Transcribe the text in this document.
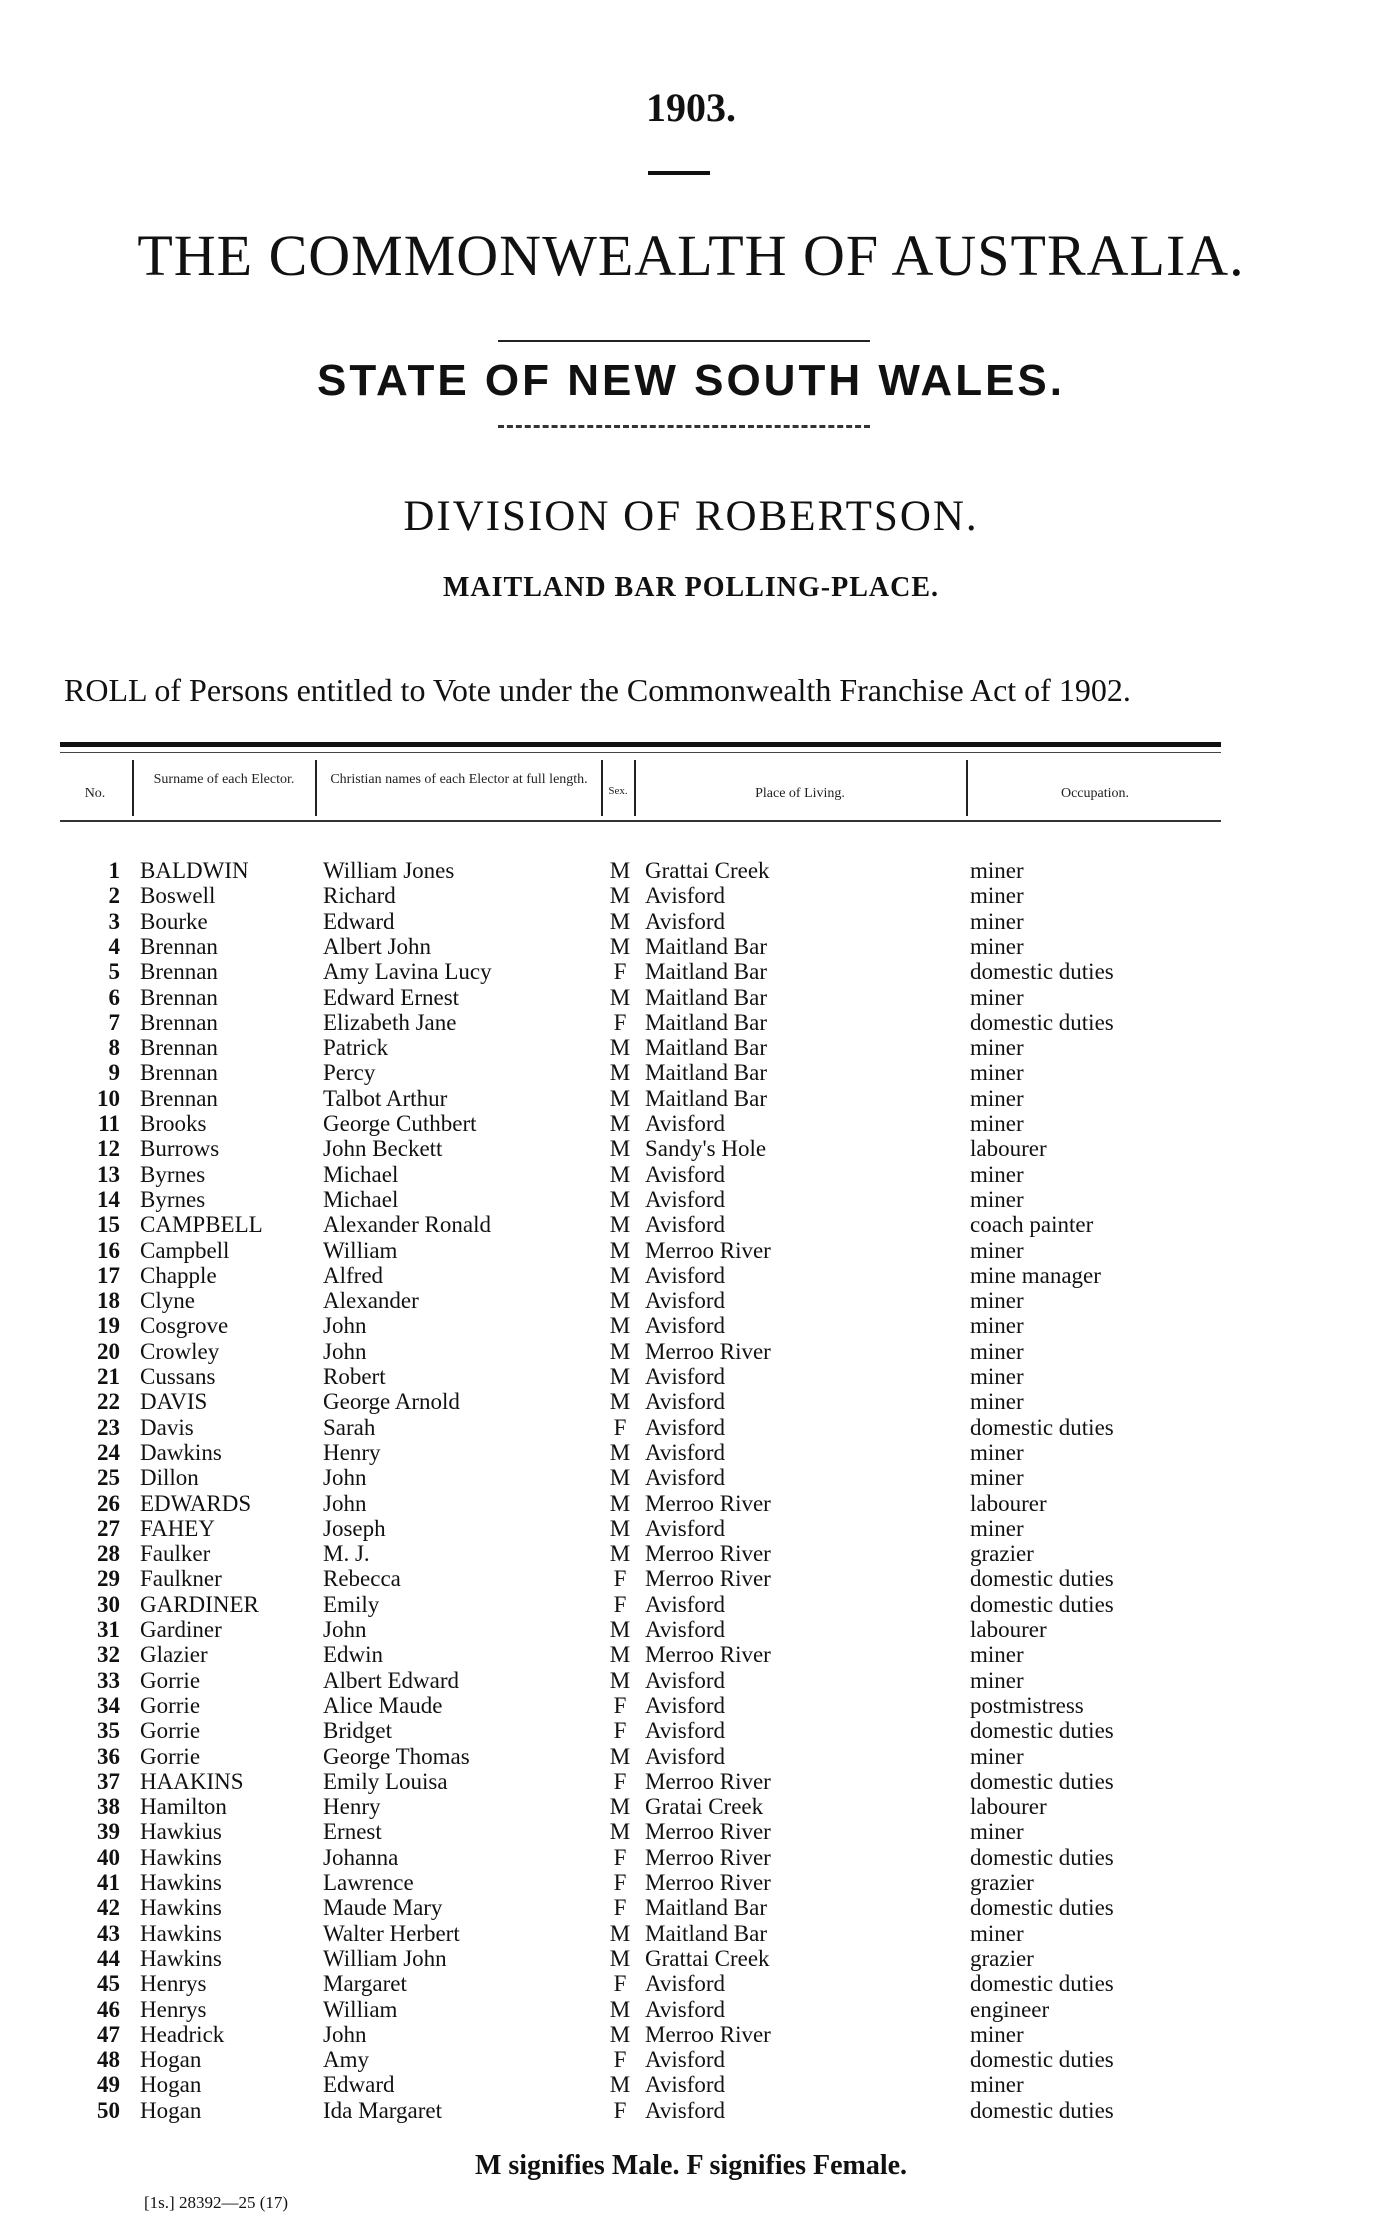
1903.
THE COMMONWEALTH OF AUSTRALIA.
STATE OF NEW SOUTH WALES.
DIVISION OF ROBERTSON.
MAITLAND BAR POLLING-PLACE.
ROLL of Persons entitled to Vote under the Commonwealth Franchise Act of 1902.
No.
Surname of each Elector.	Christian names of each Elector at full length.
Sex.	Place of Living.	Occupation.
1 BALDWIN	William Jones	M Grattai Creek	miner
2 Boswell	Richard	M Avisford	miner
3 Bourke	Edward	M Avisford	miner
4 Brennan	Albert John	M Maitland Bar	miner
5 Brennan	Amy Lavina Lucy	F Maitland Bar	domestic duties
6 Brennan	Edward Ernest	M Maitland Bar	miner
7 Brennan	Elizabeth Jane	F Maitland Bar	domestic duties
8 Brennan	Patrick	M Maitland Bar	miner
9 Brennan	Percy	M Maitland Bar	miner
10 Brennan	Talbot Arthur	M Maitland Bar	miner
11 Brooks	George Cuthbert	M Avisford	miner
12 Burrows	John Beckett	M Sandy's Hole	labourer
13 Byrnes	Michael	M Avisford	miner
14 Byrnes	Michael	M Avisford	miner
15 CAMPBELL	Alexander Ronald	M Avisford	coach painter
16 Campbell	William	M Merroo River	miner
17 Chapple	Alfred	M Avisford	mine manager
18 Clyne	Alexander	M Avisford	miner
19 Cosgrove	John	M Avisford	miner
20 Crowley	John	M Merroo River	miner
21 Cussans	Robert	M Avisford	miner
22 DAVIS	George Arnold	M Avisford	miner
23 Davis	Sarah	F Avisford	domestic duties
24 Dawkins	Henry	M Avisford	miner
25 Dillon	John	M Avisford	miner
26 EDWARDS	John	M Merroo River	labourer
27 FAHEY	Joseph	M Avisford	miner
28 Faulker	M. J.	M Merroo River	grazier
29 Faulkner	Rebecca	F Merroo River	domestic duties
30 GARDINER	Emily	F Avisford	domestic duties
31 Gardiner	John	M Avisford	labourer
32 Glazier	Edwin	M Merroo River	miner
33 Gorrie	Albert Edward	M Avisford	miner
34 Gorrie	Alice Maude	F Avisford	postmistress
35 Gorrie	Bridget	F Avisford	domestic duties
36 Gorrie	George Thomas	M Avisford	miner
37 HAAKINS	Emily Louisa	F Merroo River	domestic duties
38 Hamilton	Henry	M Gratai Creek	labourer
39 Hawkius	Ernest	M Merroo River	miner
40 Hawkins	Johanna	F Merroo River	domestic duties
41 Hawkins	Lawrence	F Merroo River	grazier
42 Hawkins	Maude Mary	F Maitland Bar	domestic duties
43 Hawkins	Walter Herbert	M Maitland Bar	miner
44 Hawkins	William John	M Grattai Creek	grazier
45 Henrys	Margaret	F Avisford	domestic duties
46 Henrys	William	M Avisford	engineer
47 Headrick	John	M Merroo River	miner
48 Hogan	Amy	F Avisford	domestic duties
49 Hogan	Edward	M Avisford	miner
50 Hogan	Ida Margaret	F Avisford	domestic duties
M signifies Male. F signifies Female.
[1s.] 28392—25 (17)
